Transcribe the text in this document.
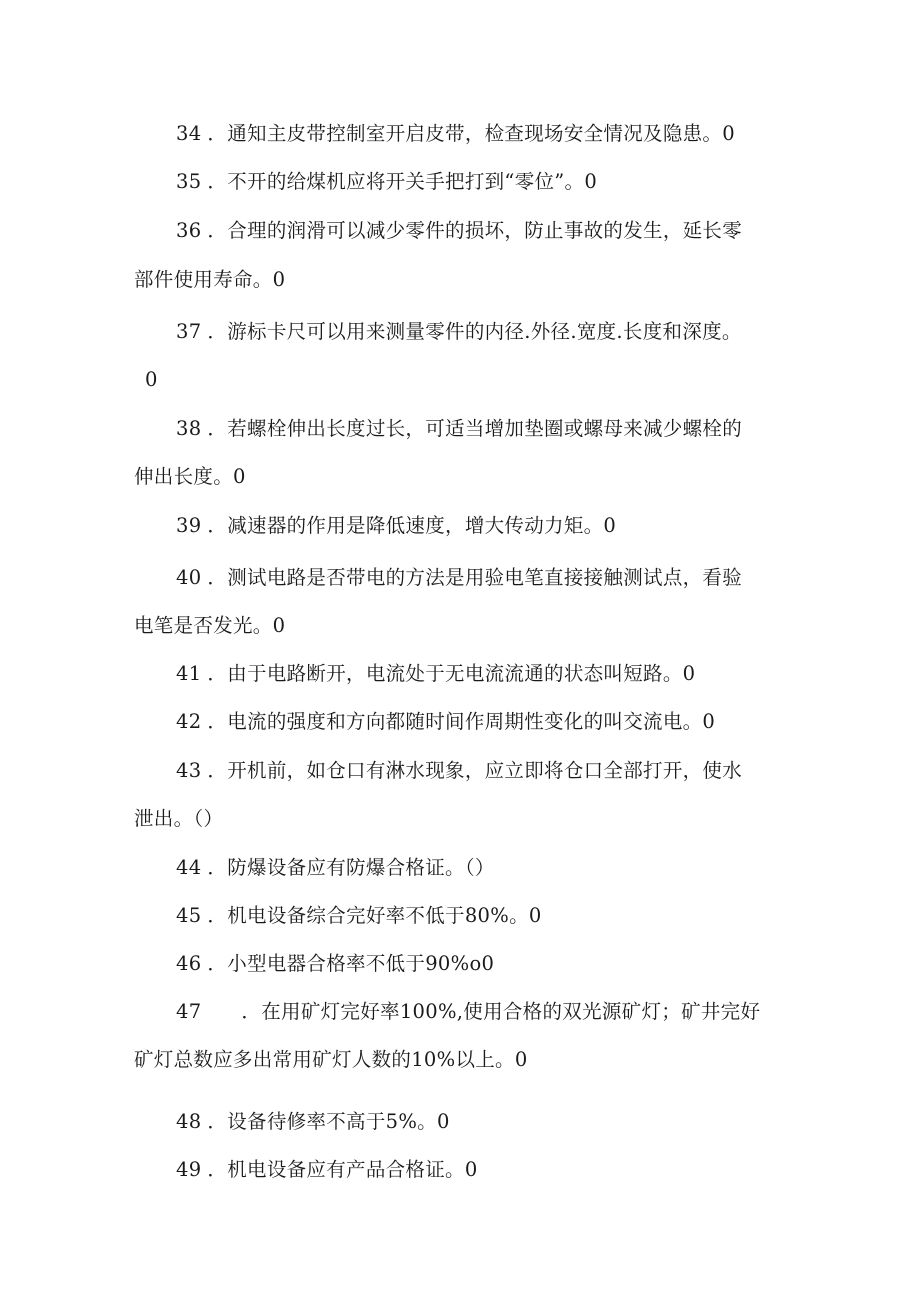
34 ．通知主皮带控制室开启皮带，检查现场安全情况及隐患。0
35 ．不开的给煤机应将开关手把打到“零位”。0
36 ．合理的润滑可以减少零件的损坏，防止事故的发生，延长零
部件使用寿命。0
37 ．游标卡尺可以用来测量零件的内径.外径.宽度.长度和深度。
0
38 ．若螺栓伸出长度过长，可适当增加垫圈或螺母来减少螺栓的
伸出长度。0
39 ．减速器的作用是降低速度，增大传动力矩。0
40 ．测试电路是否带电的方法是用验电笔直接接触测试点，看验
电笔是否发光。0
41 ．由于电路断开，电流处于无电流流通的状态叫短路。0
42 ．电流的强度和方向都随时间作周期性变化的叫交流电。0
43 ．开机前，如仓口有淋水现象，应立即将仓口全部打开，使水
泄出。（）
44 ．防爆设备应有防爆合格证。（）
45 ．机电设备综合完好率不低于80%。0
46 ．小型电器合格率不低于90%o0
47 ．在用矿灯完好率100%,使用合格的双光源矿灯；矿井完好
矿灯总数应多出常用矿灯人数的10%以上。0
48 ．设备待修率不高于5%。0
49 ．机电设备应有产品合格证。0
